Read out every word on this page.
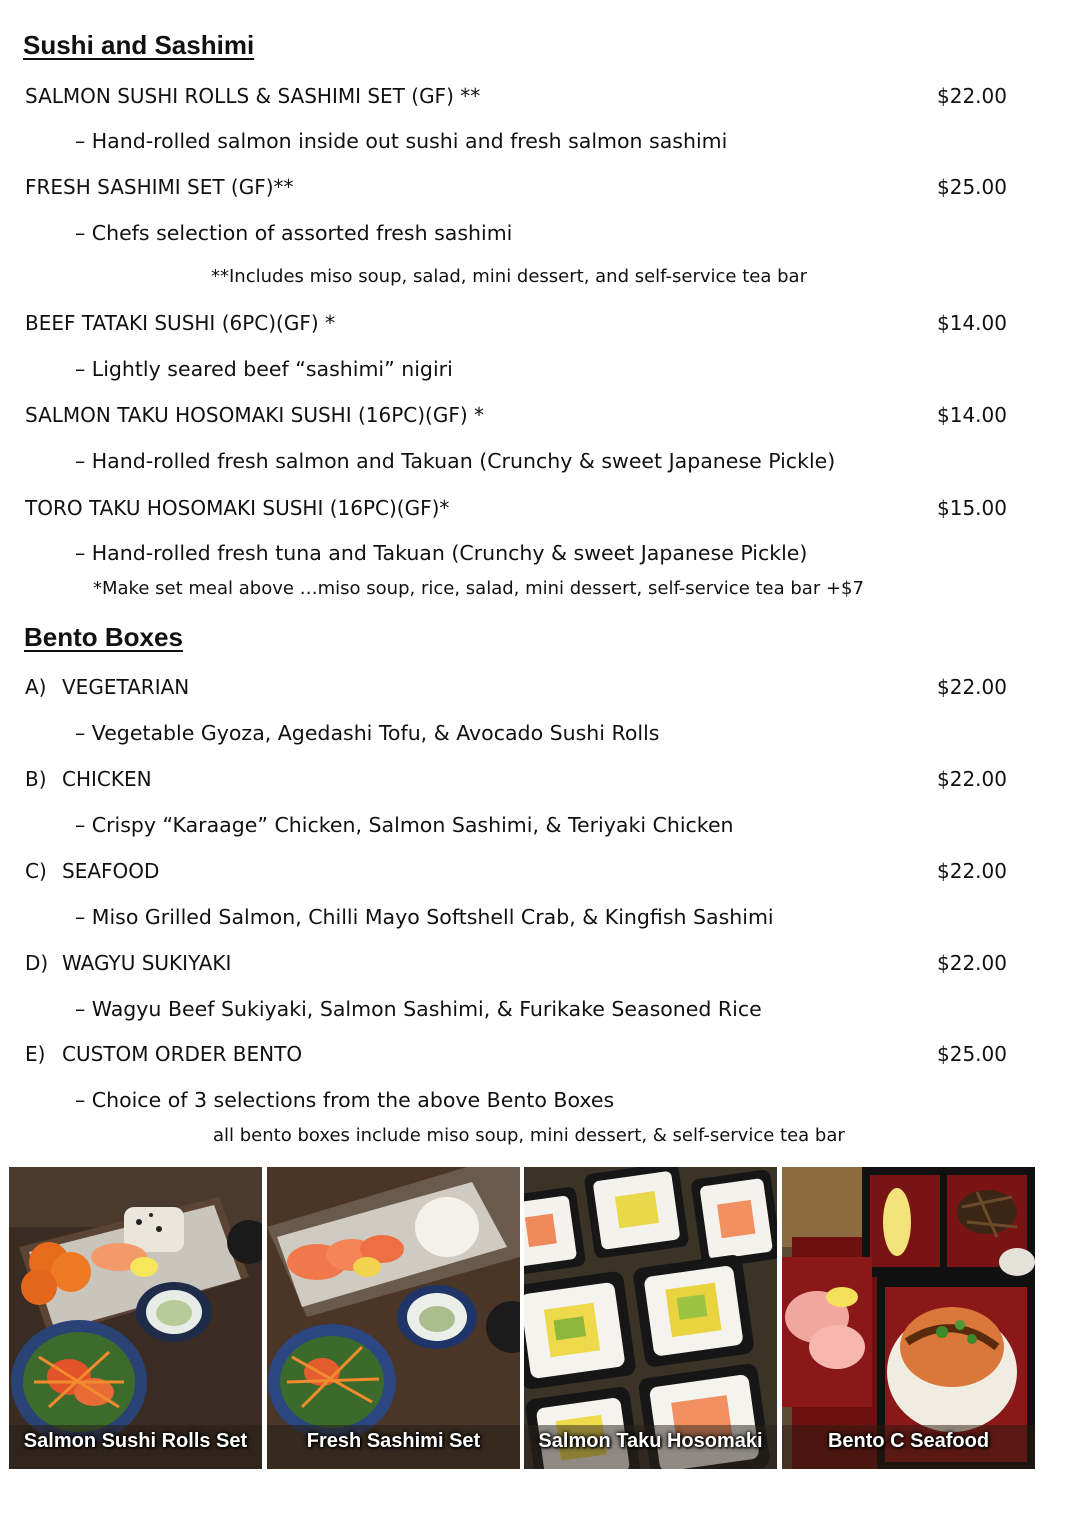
Sushi and Sashimi
SALMON SUSHI ROLLS & SASHIMI SET (GF) **	$22.00
– Hand-rolled salmon inside out sushi and fresh salmon sashimi
FRESH SASHIMI SET (GF)**	$25.00
– Chefs selection of assorted fresh sashimi
**Includes miso soup, salad, mini dessert, and self-service tea bar
BEEF TATAKI SUSHI (6PC)(GF) *	$14.00
– Lightly seared beef “sashimi” nigiri
SALMON TAKU HOSOMAKI SUSHI (16PC)(GF) *	$14.00
– Hand-rolled fresh salmon and Takuan (Crunchy & sweet Japanese Pickle)
TORO TAKU HOSOMAKI SUSHI (16PC)(GF)*	$15.00
– Hand-rolled fresh tuna and Takuan (Crunchy & sweet Japanese Pickle)
*Make set meal above …miso soup, rice, salad, mini dessert, self-service tea bar +$7
Bento Boxes
A) VEGETARIAN	$22.00
– Vegetable Gyoza, Agedashi Tofu, & Avocado Sushi Rolls
B) CHICKEN	$22.00
– Crispy “Karaage” Chicken, Salmon Sashimi, & Teriyaki Chicken
C) SEAFOOD	$22.00
– Miso Grilled Salmon, Chilli Mayo Softshell Crab, & Kingfish Sashimi
D) WAGYU SUKIYAKI	$22.00
– Wagyu Beef Sukiyaki, Salmon Sashimi, & Furikake Seasoned Rice
E) CUSTOM ORDER BENTO	$25.00
– Choice of 3 selections from the above Bento Boxes
all bento boxes include miso soup, mini dessert, & self-service tea bar
Salmon Sushi Rolls Set	Fresh Sashimi Set	Salmon Taku Hosomaki	Bento C Seafood
